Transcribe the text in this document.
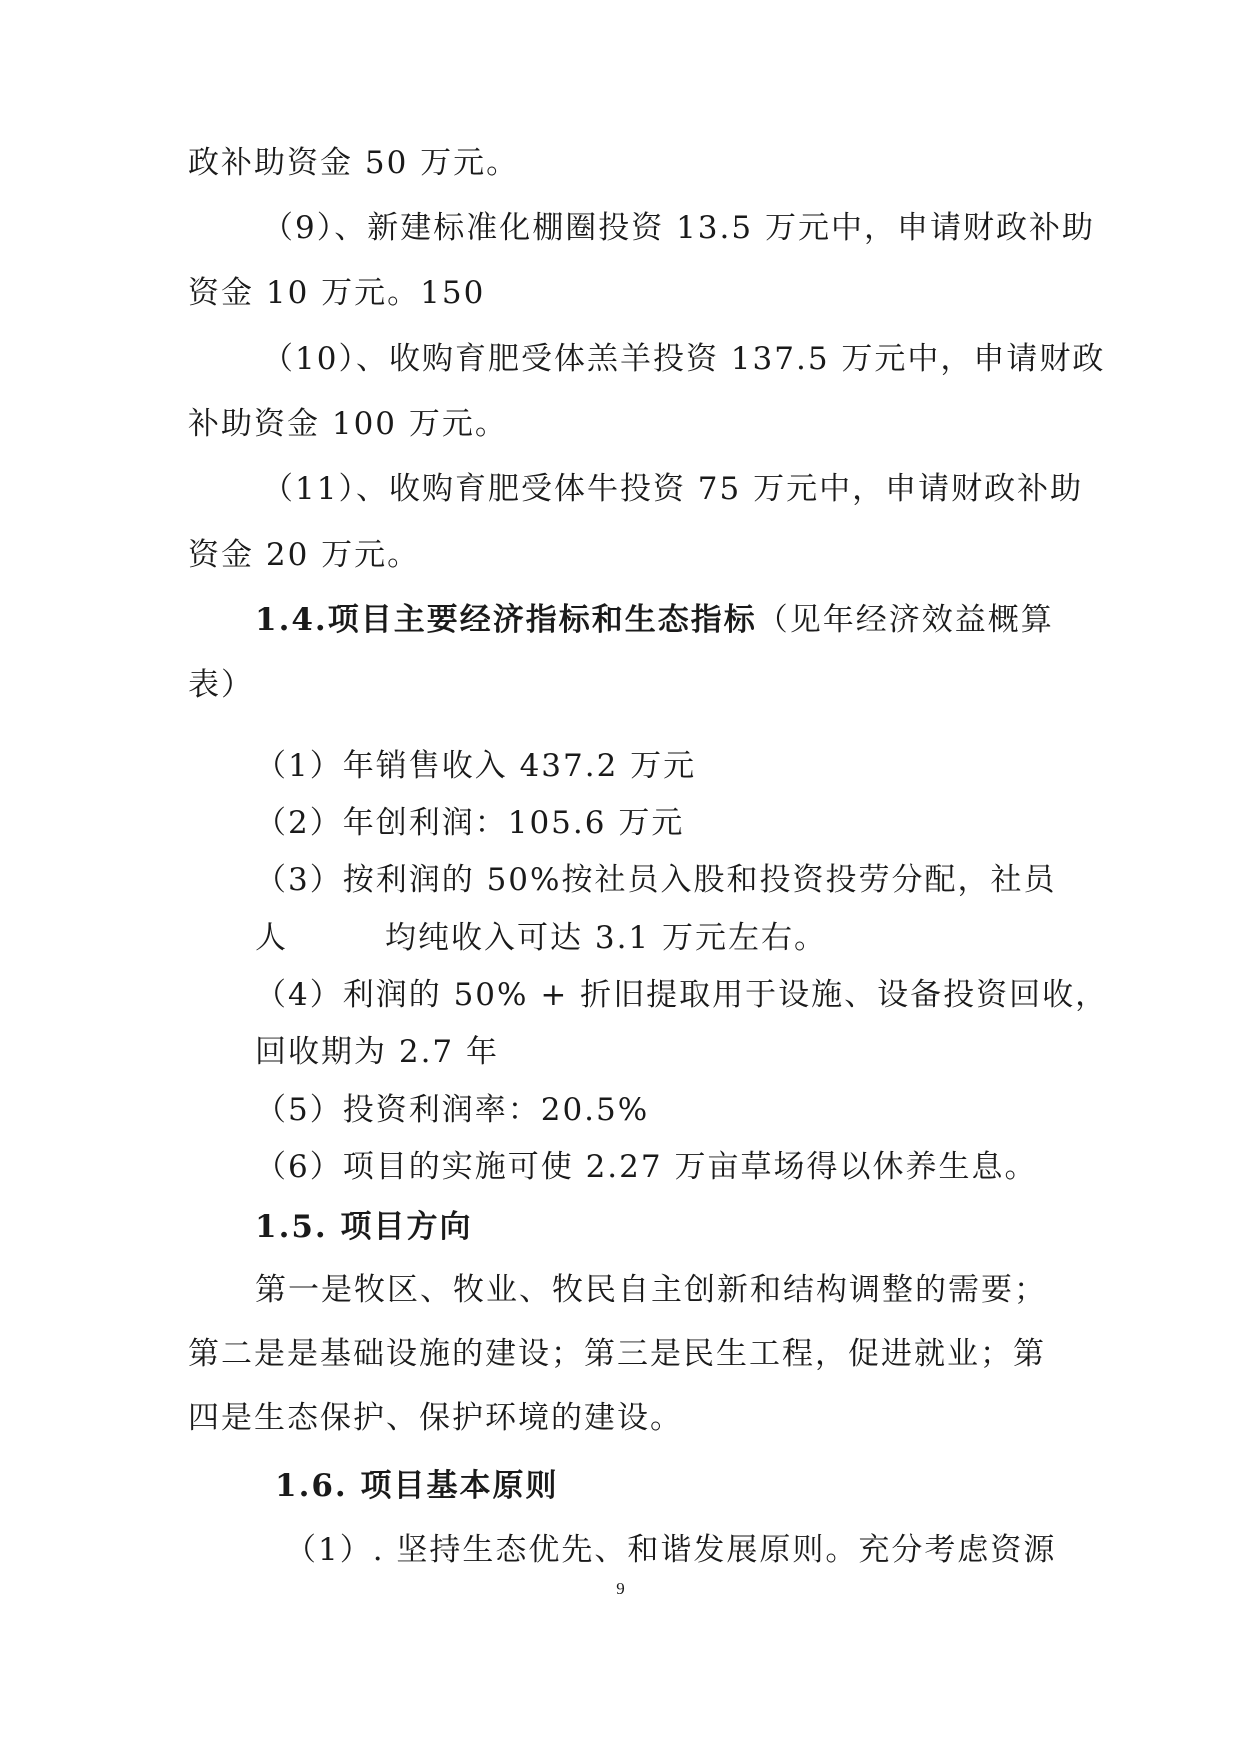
政补助资金 50 万元。
（9）、新建标准化棚圈投资 13.5 万元中，申请财政补助
资金 10 万元。150
（10）、收购育肥受体羔羊投资 137.5 万元中，申请财政
补助资金 100 万元。
（11）、收购育肥受体牛投资 75 万元中，申请财政补助
资金 20 万元。
1.4.项目主要经济指标和生态指标（见年经济效益概算
表）
（1）年销售收入 437.2 万元
（2）年创利润：105.6 万元
（3）按利润的 50%按社员入股和投资投劳分配，社员
人	均纯收入可达 3.1 万元左右。
（4）利润的 50% + 折旧提取用于设施、设备投资回收，
回收期为 2.7 年
（5）投资利润率：20.5%
（6）项目的实施可使 2.27 万亩草场得以休养生息。
1.5. 项目方向
第一是牧区、牧业、牧民自主创新和结构调整的需要；
第二是是基础设施的建设；第三是民生工程，促进就业；第
四是生态保护、保护环境的建设。
1.6. 项目基本原则
（1）. 坚持生态优先、和谐发展原则。充分考虑资源
9
